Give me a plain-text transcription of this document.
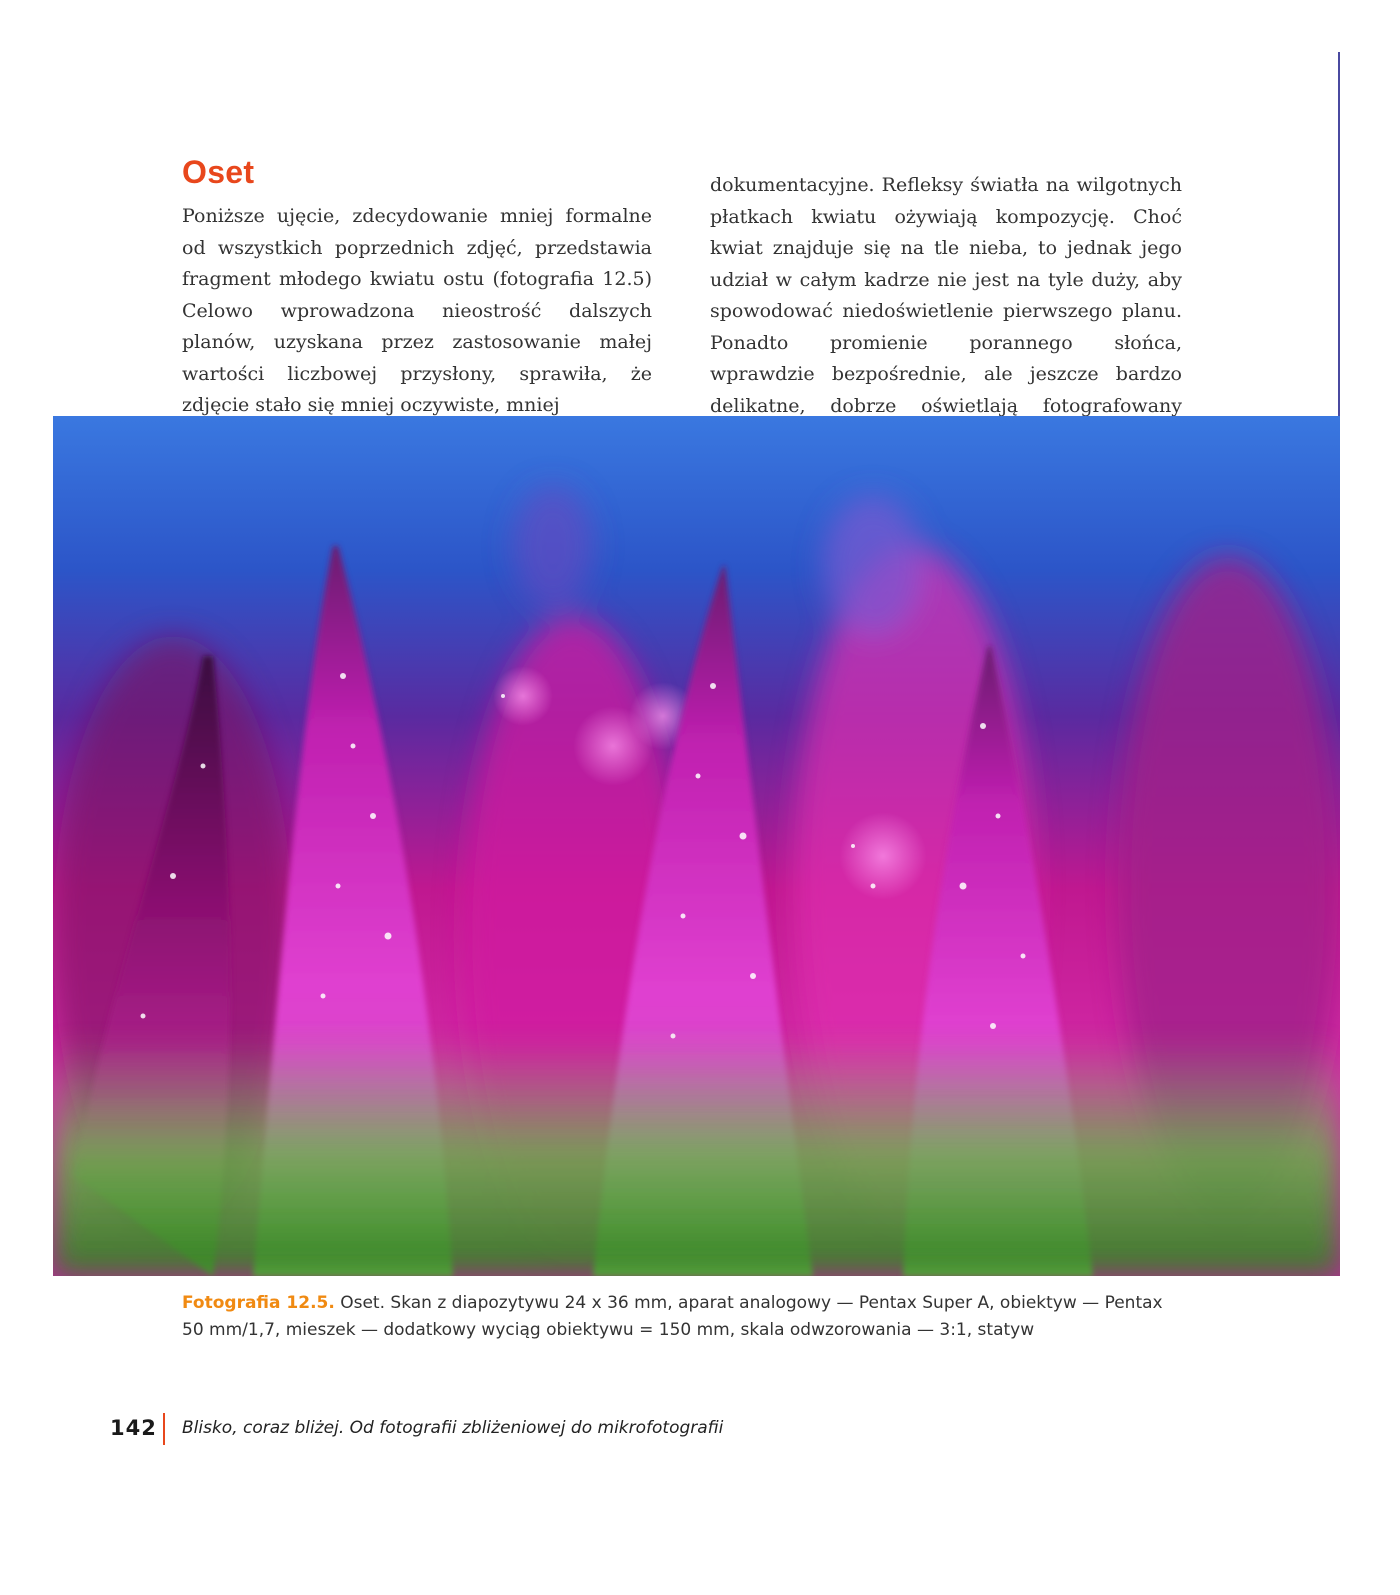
Oset

Poniższe ujęcie, zdecydowanie mniej formalne od wszystkich poprzednich zdjęć, przedstawia fragment młodego kwiatu ostu (fotografia 12.5) Celowo wprowadzona nieostrość dalszych planów, uzyskana przez zastosowanie małej wartości liczbowej przysłony, sprawiła, że zdjęcie stało się mniej oczywiste, mniej

dokumentacyjne. Refleksy światła na wilgotnych płatkach kwiatu ożywiają kompozycję. Choć kwiat znajduje się na tle nieba, to jednak jego udział w całym kadrze nie jest na tyle duży, aby spowodować niedoświetlenie pierwszego planu. Ponadto promienie porannego słońca, wprawdzie bezpośrednie, ale jeszcze bardzo delikatne, dobrze oświetlają fotografowany

Fotografia 12.5. Oset. Skan z diapozytywu 24 x 36 mm, aparat analogowy — Pentax Super A, obiektyw — Pentax 50 mm/1,7, mieszek — dodatkowy wyciąg obiektywu = 150 mm, skala odwzorowania — 3:1, statyw

142 Blisko, coraz bliżej. Od fotografii zbliżeniowej do mikrofotografii
